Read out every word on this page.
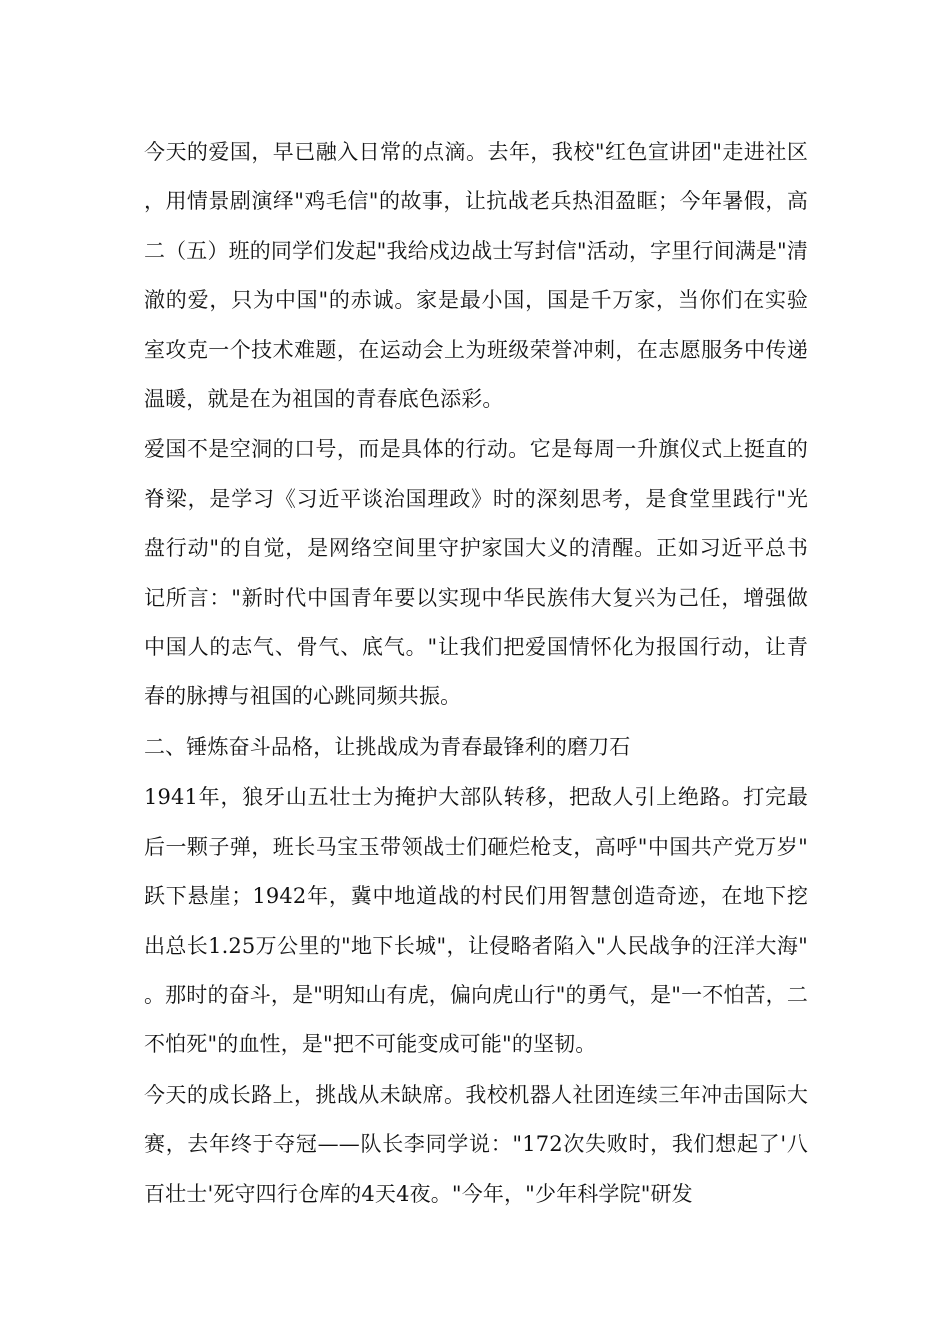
今天的爱国，早已融入日常的点滴。去年，我校"红色宣讲团"走进社区，用情景剧演绎"鸡毛信"的故事，让抗战老兵热泪盈眶；今年暑假，高二（五）班的同学们发起"我给戍边战士写封信"活动，字里行间满是"清澈的爱，只为中国"的赤诚。家是最小国，国是千万家，当你们在实验室攻克一个技术难题，在运动会上为班级荣誉冲刺，在志愿服务中传递温暖，就是在为祖国的青春底色添彩。

爱国不是空洞的口号，而是具体的行动。它是每周一升旗仪式上挺直的脊梁，是学习《习近平谈治国理政》时的深刻思考，是食堂里践行"光盘行动"的自觉，是网络空间里守护家国大义的清醒。正如习近平总书记所言："新时代中国青年要以实现中华民族伟大复兴为己任，增强做中国人的志气、骨气、底气。"让我们把爱国情怀化为报国行动，让青春的脉搏与祖国的心跳同频共振。

二、锤炼奋斗品格，让挑战成为青春最锋利的磨刀石

1941年，狼牙山五壮士为掩护大部队转移，把敌人引上绝路。打完最后一颗子弹，班长马宝玉带领战士们砸烂枪支，高呼"中国共产党万岁"跃下悬崖；1942年，冀中地道战的村民们用智慧创造奇迹，在地下挖出总长1.25万公里的"地下长城"，让侵略者陷入"人民战争的汪洋大海"。那时的奋斗，是"明知山有虎，偏向虎山行"的勇气，是"一不怕苦，二不怕死"的血性，是"把不可能变成可能"的坚韧。

今天的成长路上，挑战从未缺席。我校机器人社团连续三年冲击国际大赛，去年终于夺冠——队长李同学说："172次失败时，我们想起了'八百壮士'死守四行仓库的4天4夜。"今年，"少年科学院"研发
